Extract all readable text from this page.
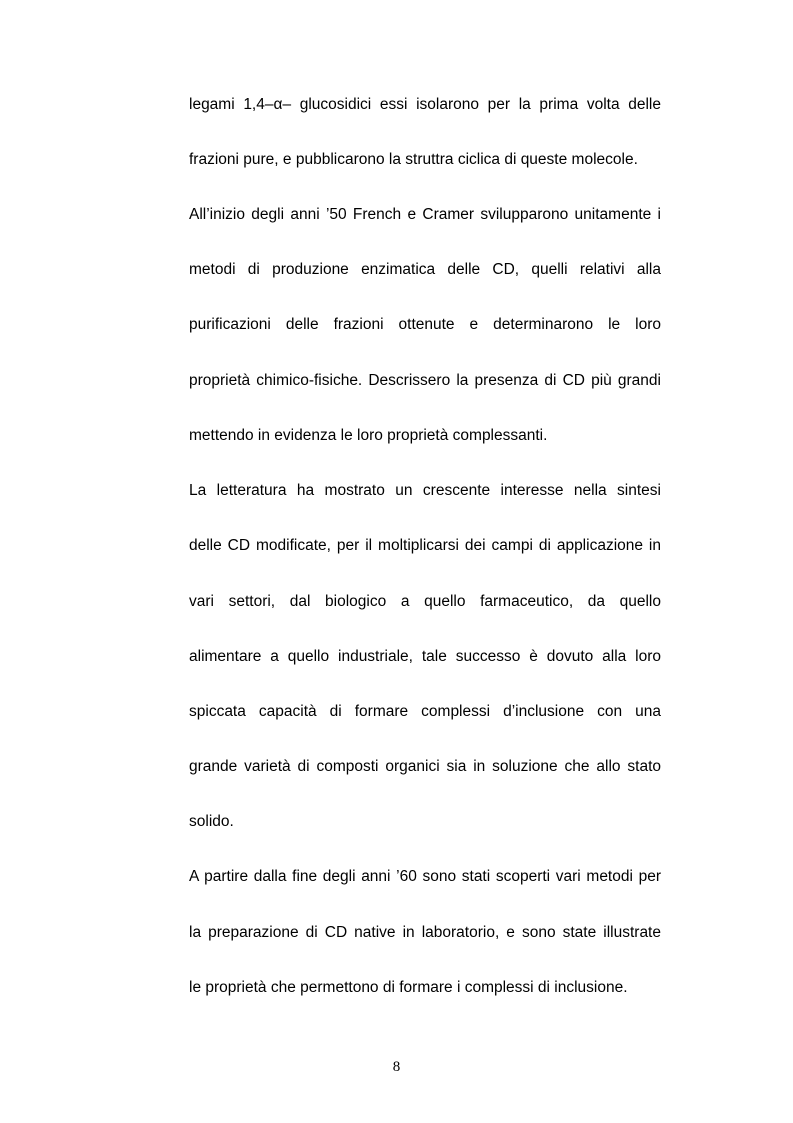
legami 1,4–α– glucosidici essi isolarono per la prima volta delle

frazioni pure, e pubblicarono la struttra ciclica di queste molecole.

All’inizio degli anni ’50 French e Cramer svilupparono unitamente i

metodi di produzione enzimatica delle CD, quelli relativi alla

purificazioni delle frazioni ottenute e determinarono le loro

proprietà chimico-fisiche. Descrissero la presenza di CD più grandi

mettendo in evidenza le loro proprietà complessanti.

La letteratura ha mostrato un crescente interesse nella sintesi

delle CD modificate, per il moltiplicarsi dei campi di applicazione in

vari settori, dal biologico a quello farmaceutico, da quello

alimentare a quello industriale, tale successo è dovuto alla loro

spiccata capacità di formare complessi d’inclusione con una

grande varietà di composti organici sia in soluzione che allo stato

solido.

A partire dalla fine degli anni ’60 sono stati scoperti vari metodi per

la preparazione di CD native in laboratorio, e sono state illustrate

le proprietà che permettono di formare i complessi di inclusione.

8
